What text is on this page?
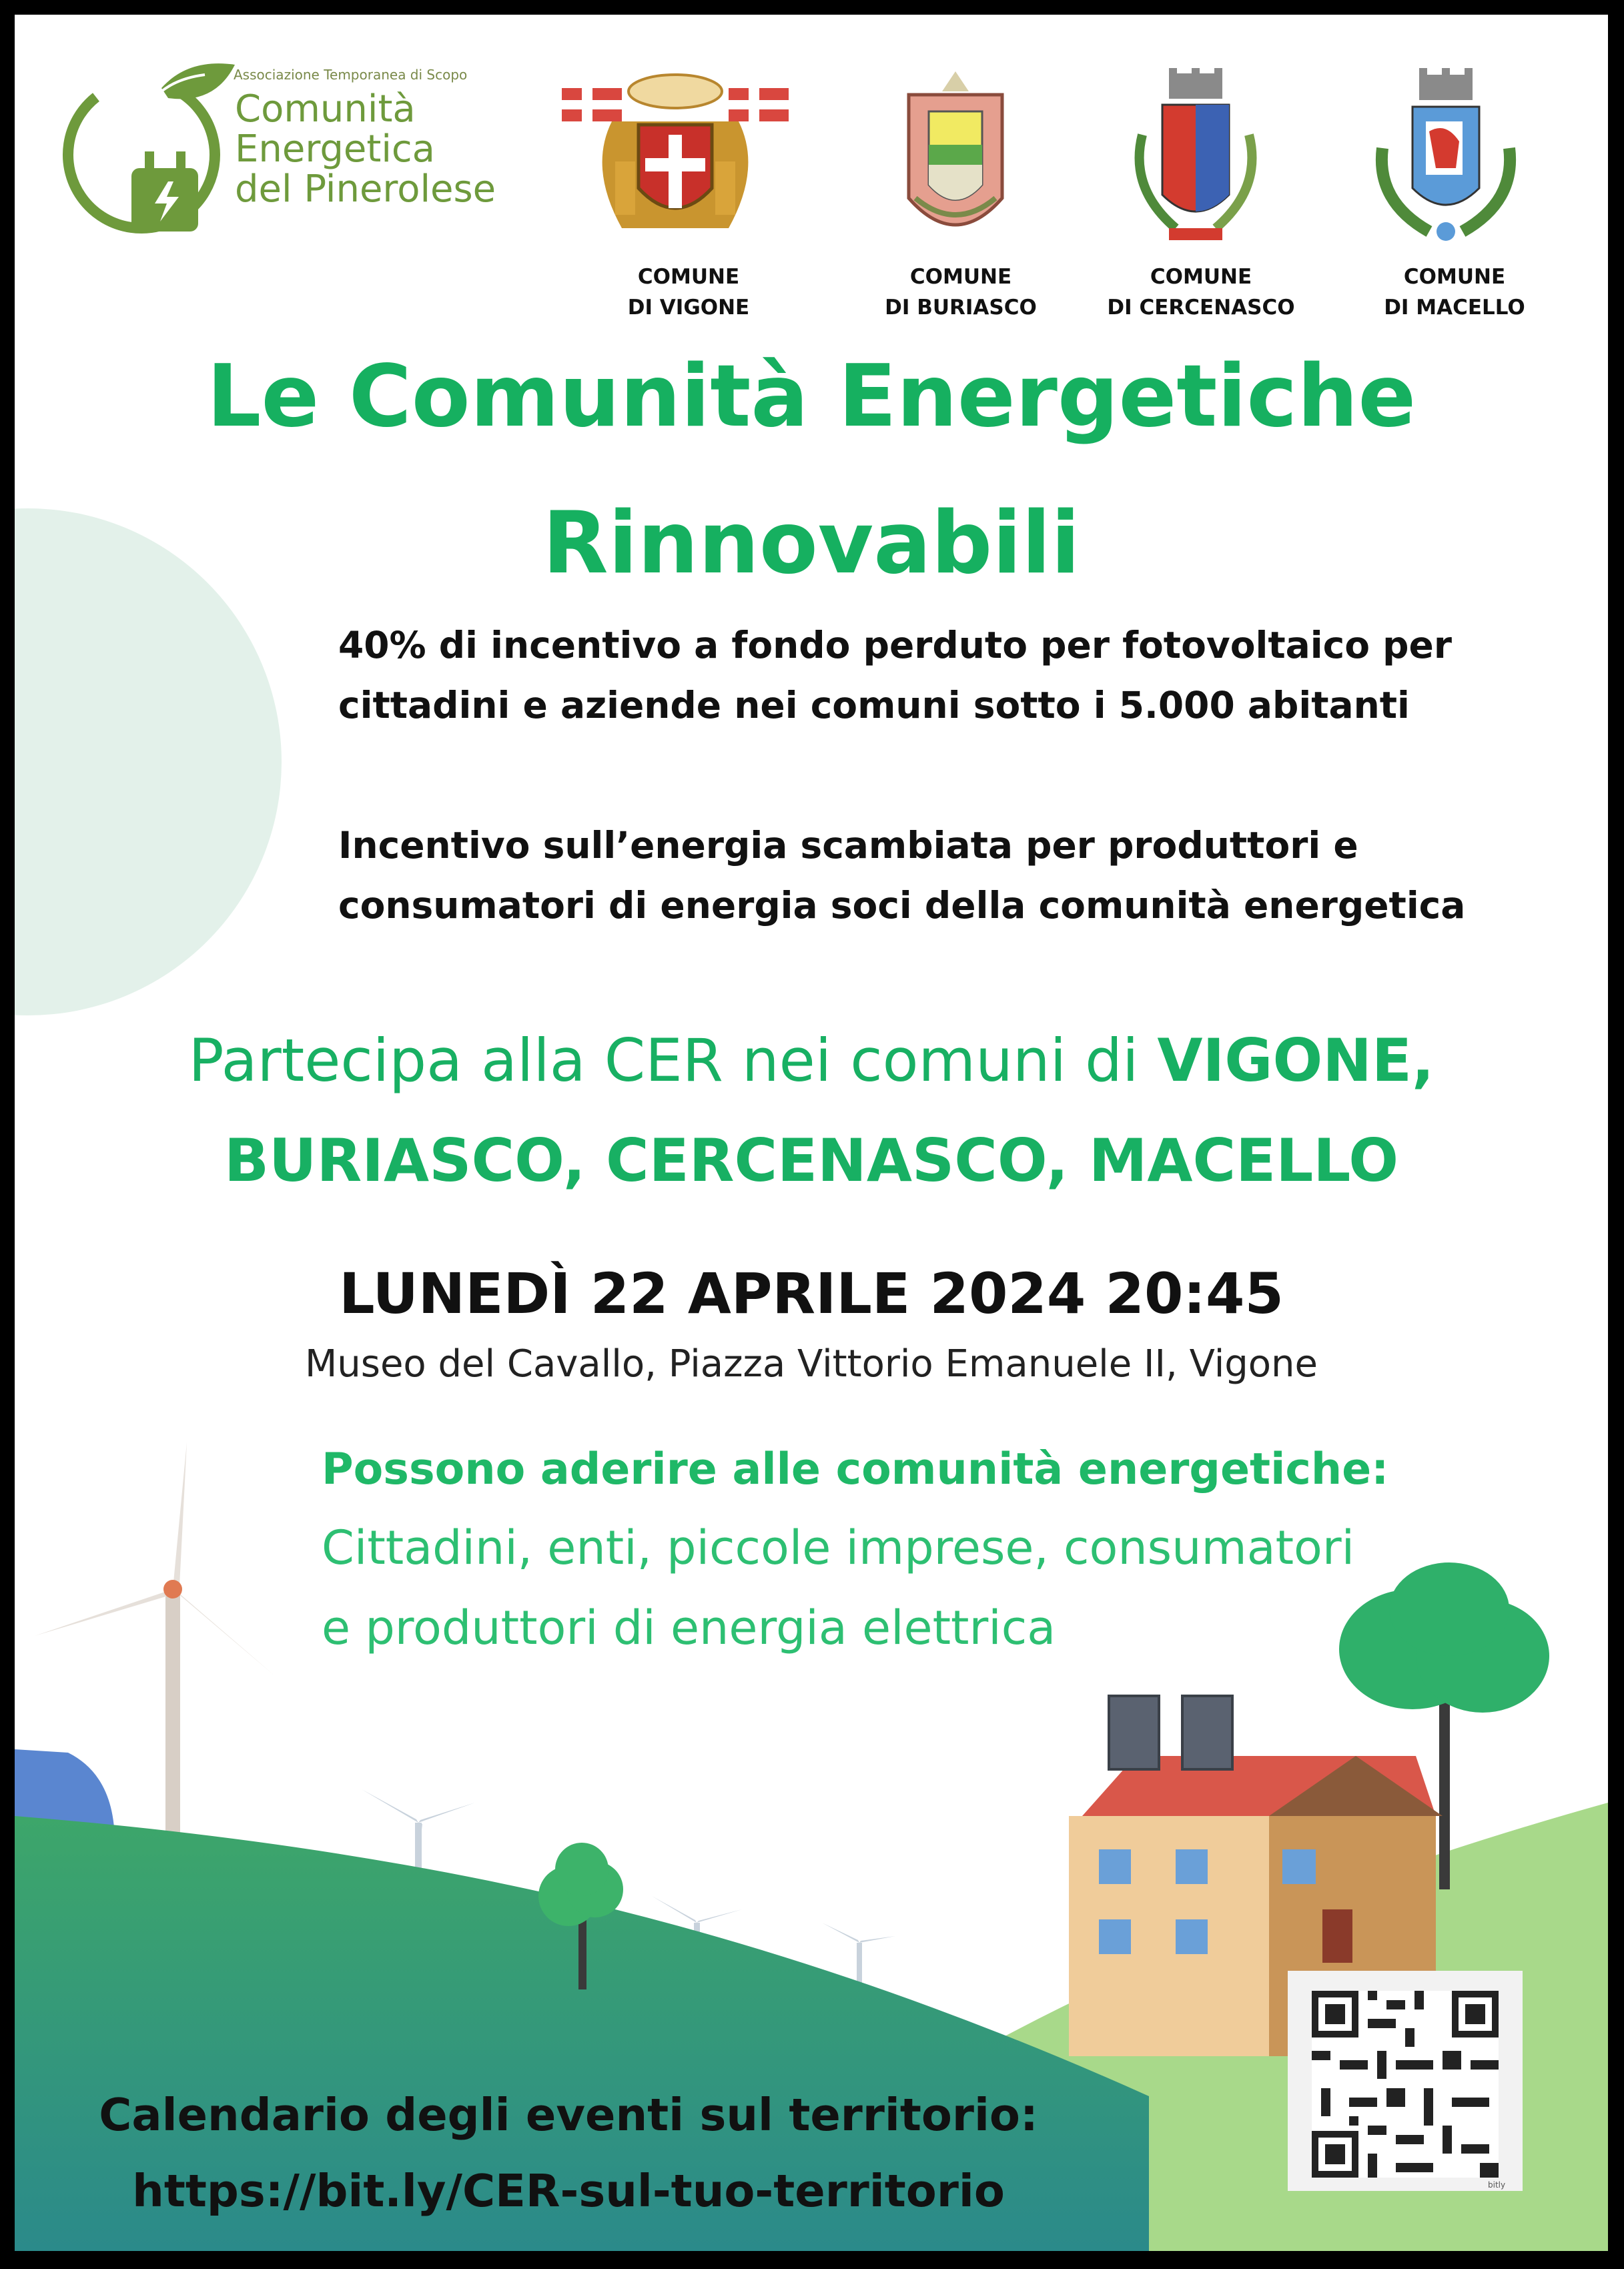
Associazione Temporanea di Scopo
Comunità
Energetica
del Pinerolese
COMUNE
DI VIGONE
COMUNE
DI BURIASCO
COMUNE
DI CERCENASCO
COMUNE
DI MACELLO
Le Comunità Energetiche
Rinnovabili
40% di incentivo a fondo perduto per fotovoltaico per
cittadini e aziende nei comuni sotto i 5.000 abitanti
Incentivo sull’energia scambiata per produttori e
consumatori di energia soci della comunità energetica
Partecipa alla CER nei comuni di VIGONE,
BURIASCO, CERCENASCO, MACELLO
LUNEDÌ 22 APRILE 2024 20:45
Museo del Cavallo, Piazza Vittorio Emanuele II, Vigone
Possono aderire alle comunità energetiche:
Cittadini, enti, piccole imprese, consumatori
e produttori di energia elettrica
bitly
Calendario degli eventi sul territorio:
https://bit.ly/CER-sul-tuo-territorio
